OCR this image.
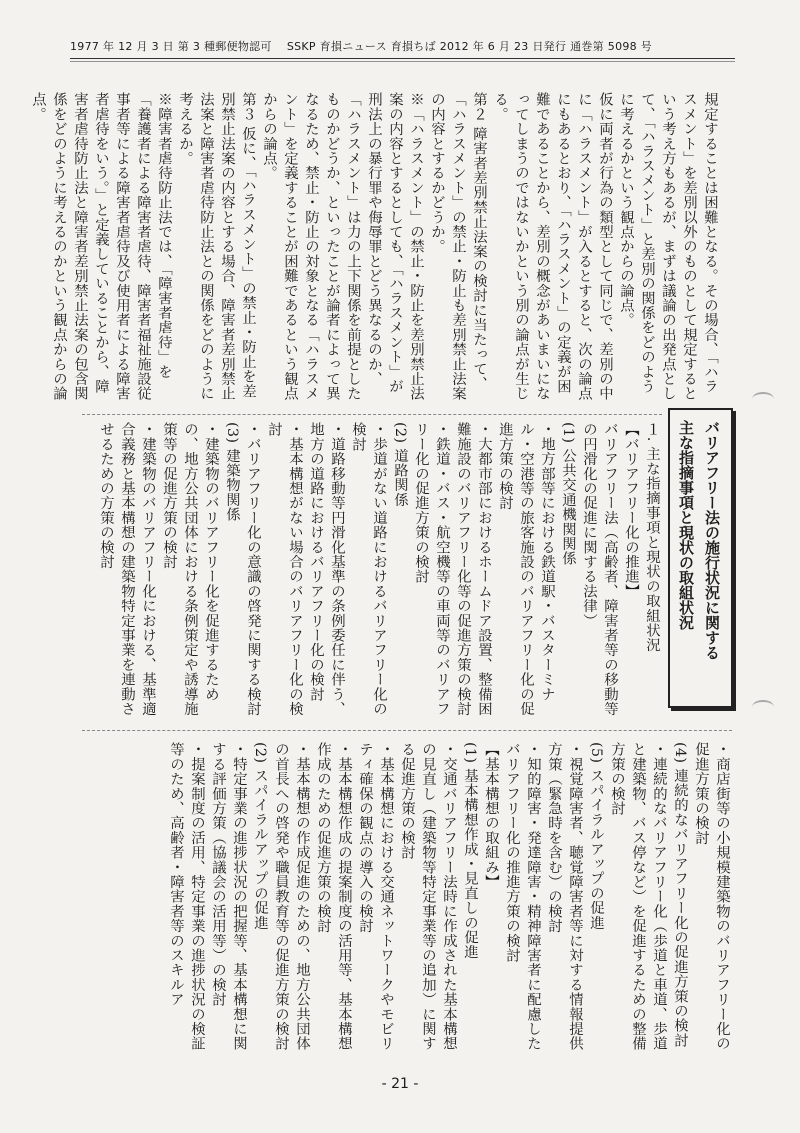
1977 年 12 月 3 日 第 3 種郵便物認可　 SSKP 育損ニュース 育損ちば 2012 年 6 月 23 日発行 通巻第 5098 号

規定することは困難となる。その場合、「ハラスメント」を差別以外のものとして規定するという考え方もあるが、まずは議論の出発点として、「ハラスメント」と差別の関係をどのように考えるかという観点からの論点。

仮に両者が行為の類型として同じで、差別の中に「ハラスメント」が入るとすると、次の論点にもあるとおり、「ハラスメント」の定義が困難であることから、差別の概念があいまいになってしまうのではないかという別の論点が生じる。

第２ 障害者差別禁止法案の検討に当たって、「ハラスメント」の禁止・防止も差別禁止法案の内容とするかどうか。

※「ハラスメント」の禁止・防止を差別禁止法案の内容とするとしても、「ハラスメント」が刑法上の暴行罪や侮辱罪とどう異なるのか、「ハラスメント」は力の上下関係を前提としたものかどうか、といったことが論者によって異なるため、禁止・防止の対象となる「ハラスメント」を定義することが困難であるという観点からの論点。

第３ 仮に、「ハラスメント」の禁止・防止を差別禁止法案の内容とする場合、障害者差別禁止法案と障害者虐待防止法との関係をどのように考えるか。

※障害者虐待防止法では、「障害者虐待」を「養護者による障害者虐待、障害者福祉施設従事者等による障害者虐待及び使用者による障害者虐待をいう。」と定義していることから、障害者虐待防止法と障害者差別禁止法案の包含関係をどのように考えるのかという観点からの論点。

バリアフリー法の施行状況に関する
主な指摘事項と現状の取組状況

１. 主な指摘事項と現状の取組状況

【バリアフリー化の推進】

バリアフリー法（高齢者、障害者等の移動等の円滑化の促進に関する法律）

(1) 公共交通機関関係

・地方部等における鉄道駅・バスターミナル・空港等の旅客施設のバリアフリー化の促進方策の検討

・大都市部におけるホームドア設置、整備困難施設のバリアフリー化等の促進方策の検討

・鉄道・バス・航空機等の車両等のバリアフリー化の促進方策の検討

(2) 道路関係

・歩道がない道路におけるバリアフリー化の検討

・道路移動等円滑化基準の条例委任に伴う、地方の道路におけるバリアフリー化の検討

・基本構想がない場合のバリアフリー化の検討

・バリアフリー化の意識の啓発に関する検討

(3) 建築物関係

・建築物のバリアフリー化を促進するための、地方公共団体における条例策定や誘導施策等の促進方策の検討

・建築物のバリアフリー化における、基準適合義務と基本構想の建築物特定事業を連動させるための方策の検討

・商店街等の小規模建築物のバリアフリー化の促進方策の検討

(4) 連続的なバリアフリー化の促進方策の検討

・連続的なバリアフリー化（歩道と車道、歩道と建築物、バス停など）を促進するための整備方策の検討

(5) スパイラルアップの促進

・視覚障害者、聴覚障害者等に対する情報提供方策（緊急時を含む）の検討

・知的障害・発達障害・精神障害者に配慮したバリアフリー化の推進方策の検討

【基本構想の取組み】

(1) 基本構想作成・見直しの促進

・交通バリアフリー法時に作成された基本構想の見直し（建築物等特定事業等の追加）に関する促進方策の検討

・基本構想における交通ネットワークやモビリティ確保の観点の導入の検討

・基本構想作成の提案制度の活用等、基本構想作成のための促進方策の検討

・基本構想の作成促進のための、地方公共団体の首長への啓発や職員教育等の促進方策の検討

(2) スパイラルアップの促進

・特定事業の進捗状況の把握等、基本構想に関する評価方策（協議会の活用等）の検討

・提案制度の活用、特定事業の進捗状況の検証等のため、高齢者・障害者等のスキルア

- 21 -
